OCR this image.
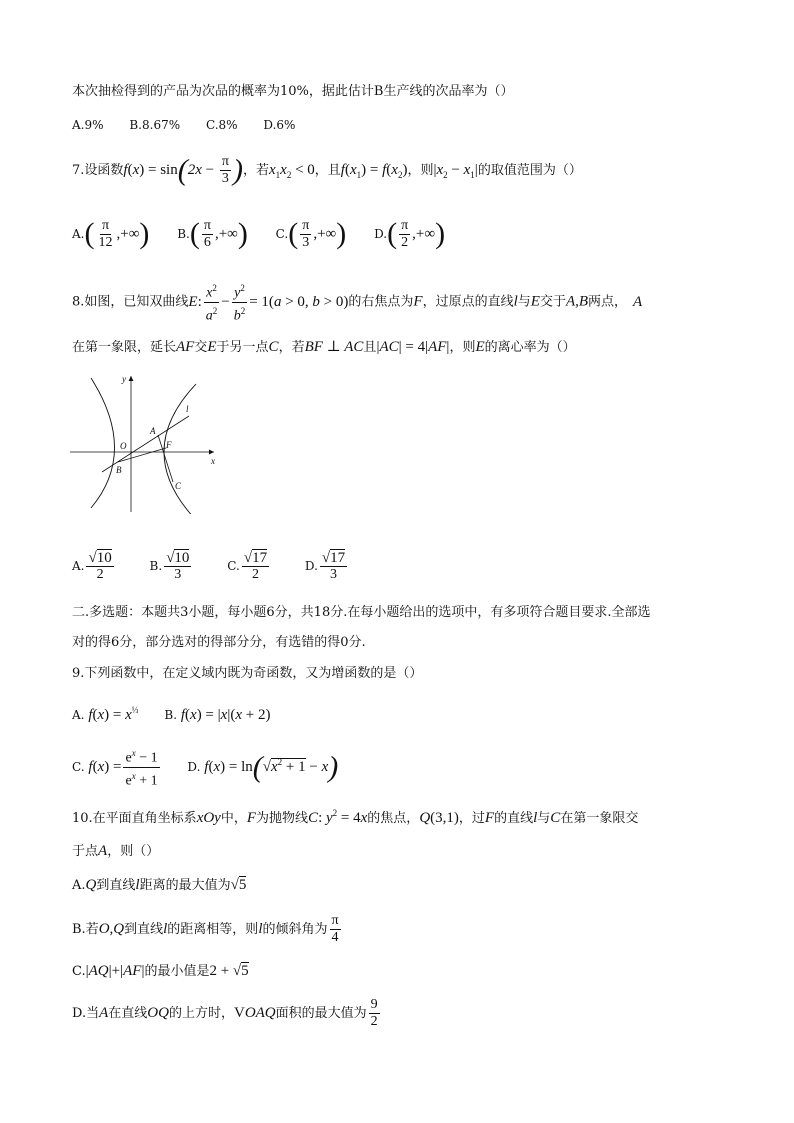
本次抽检得到的产品为次品的概率为10%，据此估计B生产线的次品率为（）
A.9% B.8.67% C.8% D.6%
7.设函数$f(x) = \sin(2x - \frac{\pi}{3}$ )，若$x_1x_2 < 0$，且$f(x_1) = f(x_2)$，则$|x_2 - x_1|$的取值范围为（）
A. ( $\frac{\pi}{12}$ ,+∞ )
B. ( $\frac{\pi}{6}$ ,+∞ )
C. ( $\frac{\pi}{3}$ ,+∞ )
D. ( $\frac{\pi}{2}$ ,+∞ )
8.如图，已知双曲线E: $\frac{x^2}{a^2} - \frac{y^2}{b^2} = 1(a > 0$, b > 0)的右焦点为F，过原点的直线l与E交于A,B两点， A
在第一象限，延长AF交E于另一点C，若BF ⊥ AC且|AC| = 4|AF|，则E的离心率为（）
y
x
O
A
F
B
C
l
A. $\frac{√10}{2}$	B. $\frac{√10}{3}$	C. $\frac{√17}{2}$	D. $\frac{√17}{3}$
二.多选题：本题共3小题，每小题6分，共18分.在每小题给出的选项中，有多项符合题目要求.全部选
对的得6分，部分选对的得部分分，有选错的得0分.
9.下列函数中，在定义域内既为奇函数，又为增函数的是（）
A. $f(x) = x^{\frac{1}{3}}$ B. f(x) = |x|(x + 2)
C. $f(x) = \frac{e^x - 1}{e^x + 1} D$. $f(x) = \ln(√x^2 + 1 - x)$
10.在平面直角坐标系xOy中，F为抛物线C: $y^2 = 4x$的焦点，Q(3,1)，过F的直线l与C在第一象限交
于点A，则（）
A.Q到直线l距离的最大值为√5
B.若O,Q到直线l的距离相等，则l的倾斜角为 $\frac{\pi}{4}$
C.|AQ|+|AF|的最小值是2 + √5
D.当A在直线OQ的上方时，VOAQ面积的最大值为 $\frac{9}{2}$
